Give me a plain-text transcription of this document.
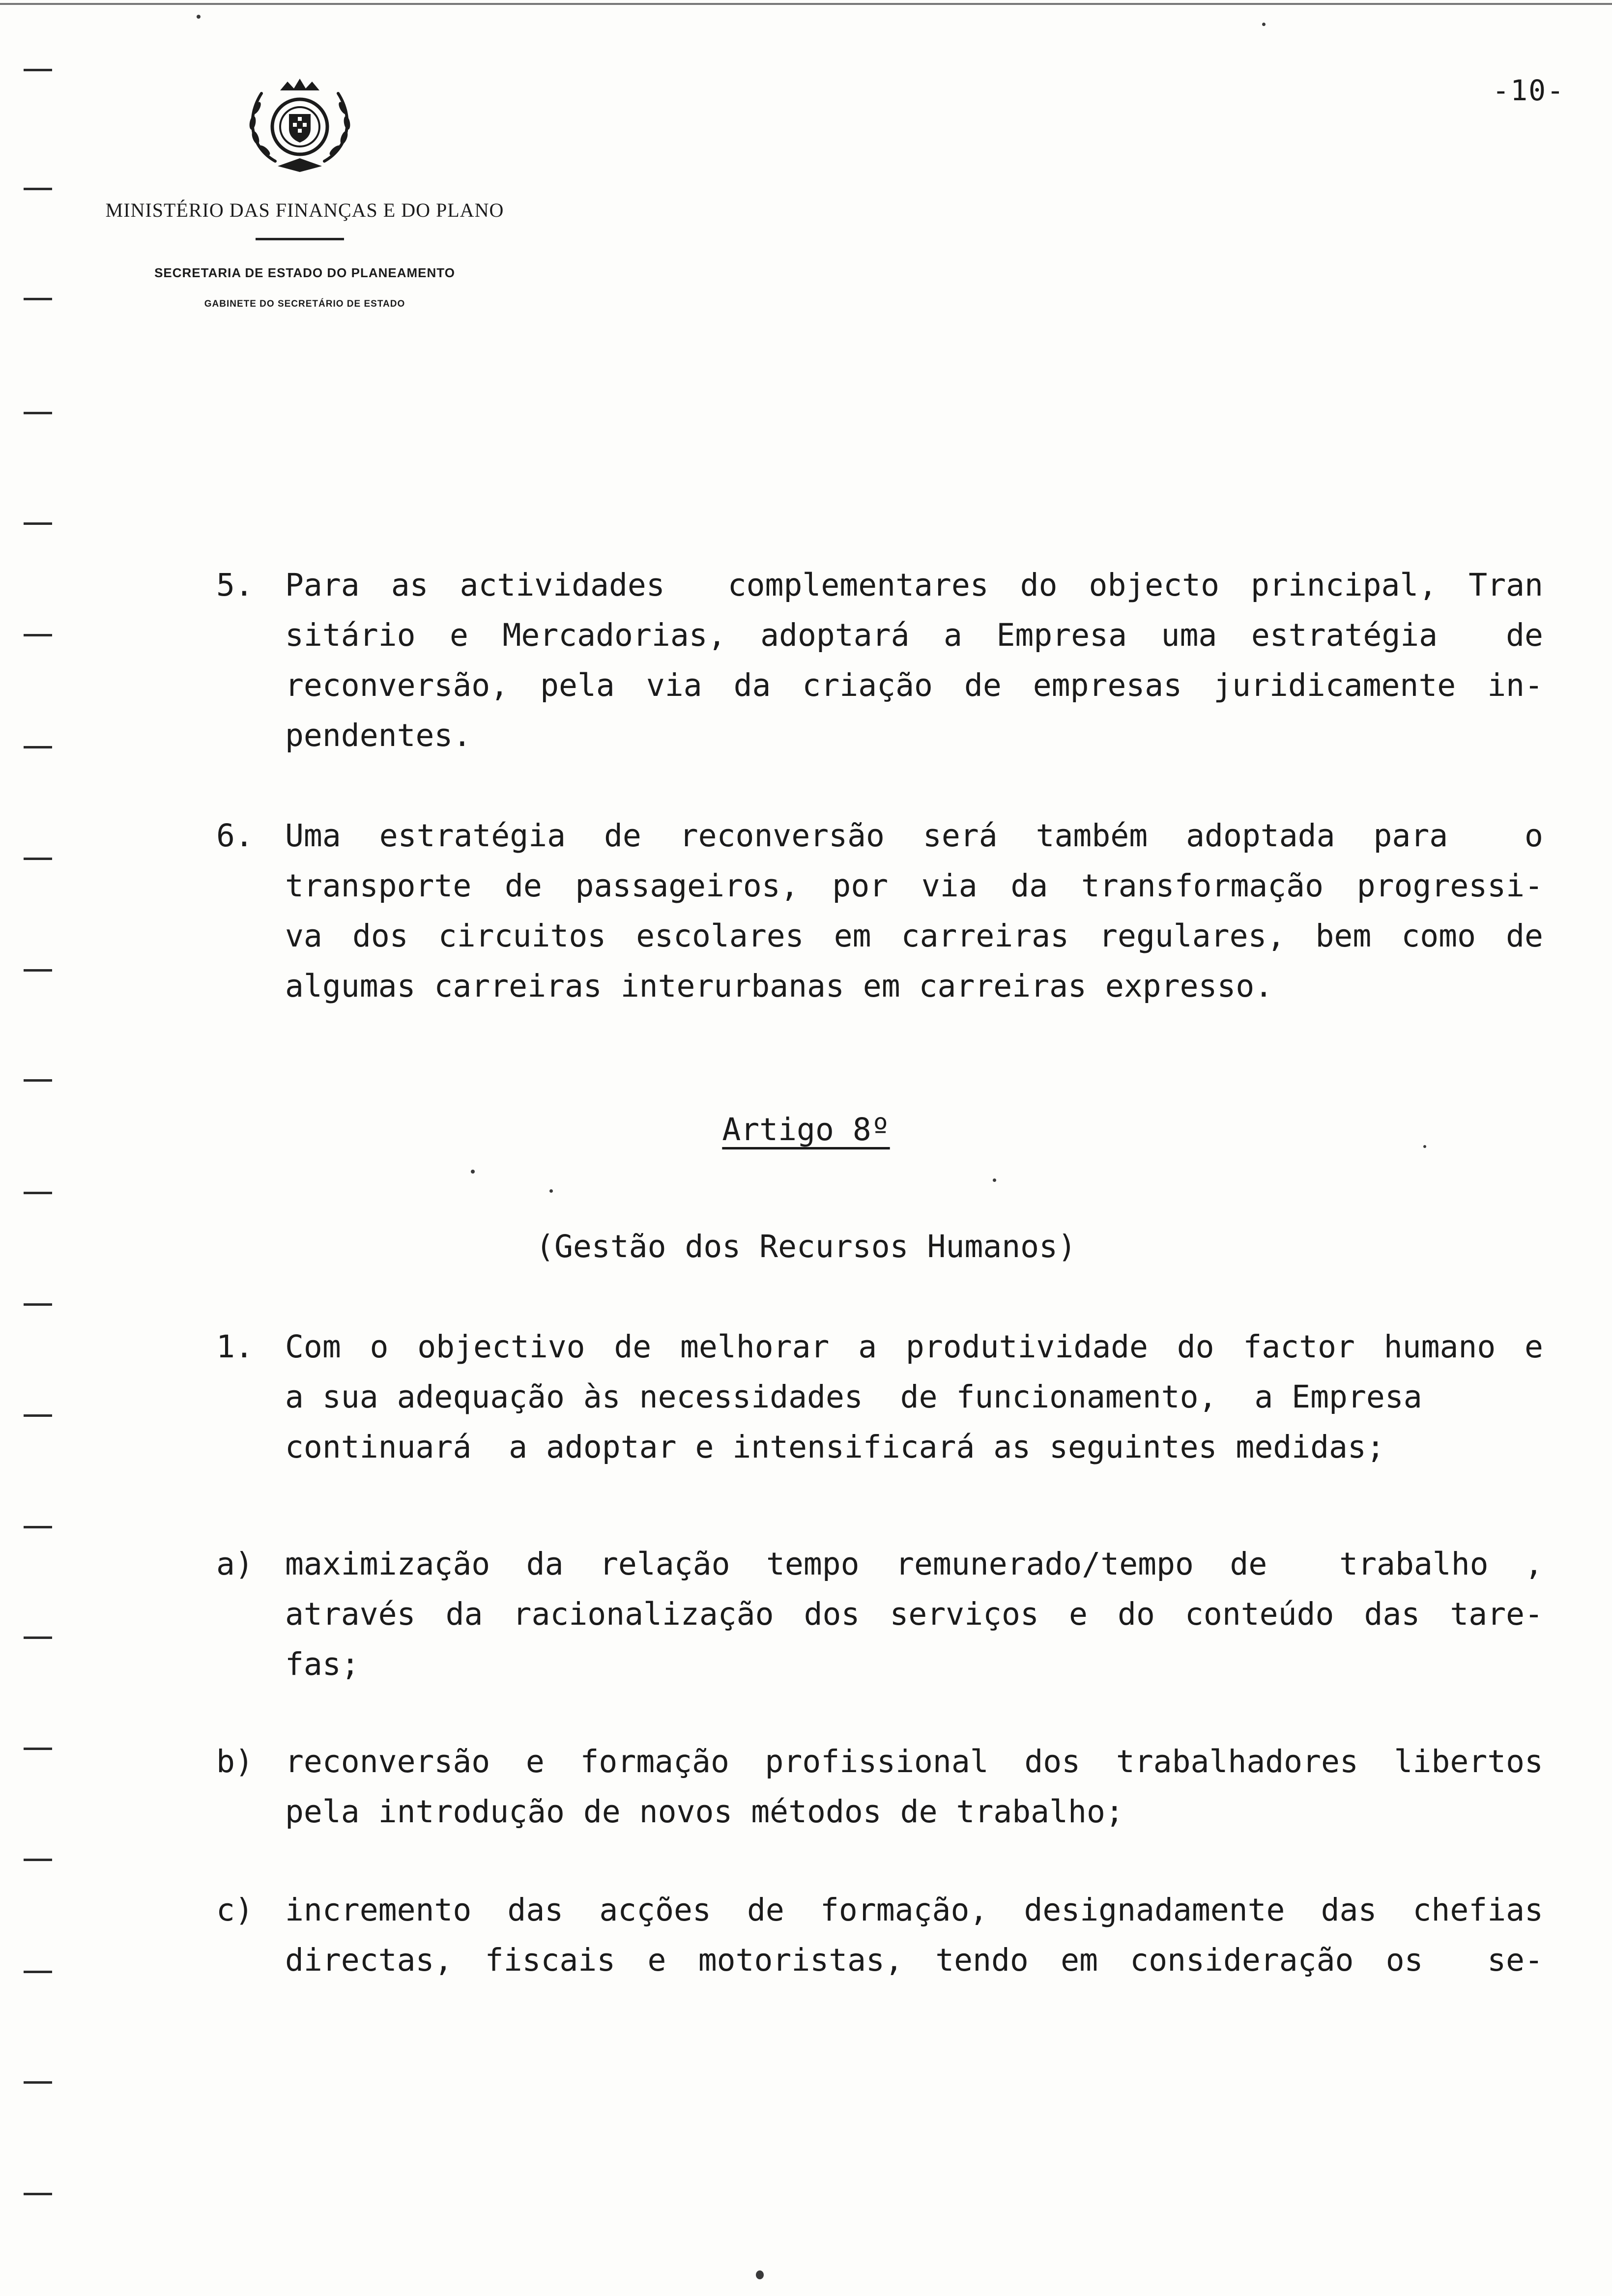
-10-
MINISTÉRIO DAS FINANÇAS E DO PLANO
SECRETARIA DE ESTADO DO PLANEAMENTO
GABINETE DO SECRETÁRIO DE ESTADO
5. Para as actividades  complementares do objecto principal, Tran
sitário e Mercadorias, adoptará a Empresa uma estratégia  de
reconversão, pela via da criação de empresas juridicamente in-
pendentes.
6. Uma estratégia de reconversão será também adoptada para  o
transporte de passageiros, por via da transformação progressi-
va dos circuitos escolares em carreiras regulares, bem como de
algumas carreiras interurbanas em carreiras expresso.
Artigo 8º
(Gestão dos Recursos Humanos)
1. Com o objectivo de melhorar a produtividade do factor humano e
a sua adequação às necessidades  de funcionamento,  a Empresa
continuará  a adoptar e intensificará as seguintes medidas;
a) maximização da relação tempo remunerado/tempo de  trabalho ,
através da racionalização dos serviços e do conteúdo das tare-
fas;
b) reconversão e formação profissional dos trabalhadores libertos
pela introdução de novos métodos de trabalho;
c) incremento das acções de formação, designadamente das chefias
directas, fiscais e motoristas, tendo em consideração os  se-
